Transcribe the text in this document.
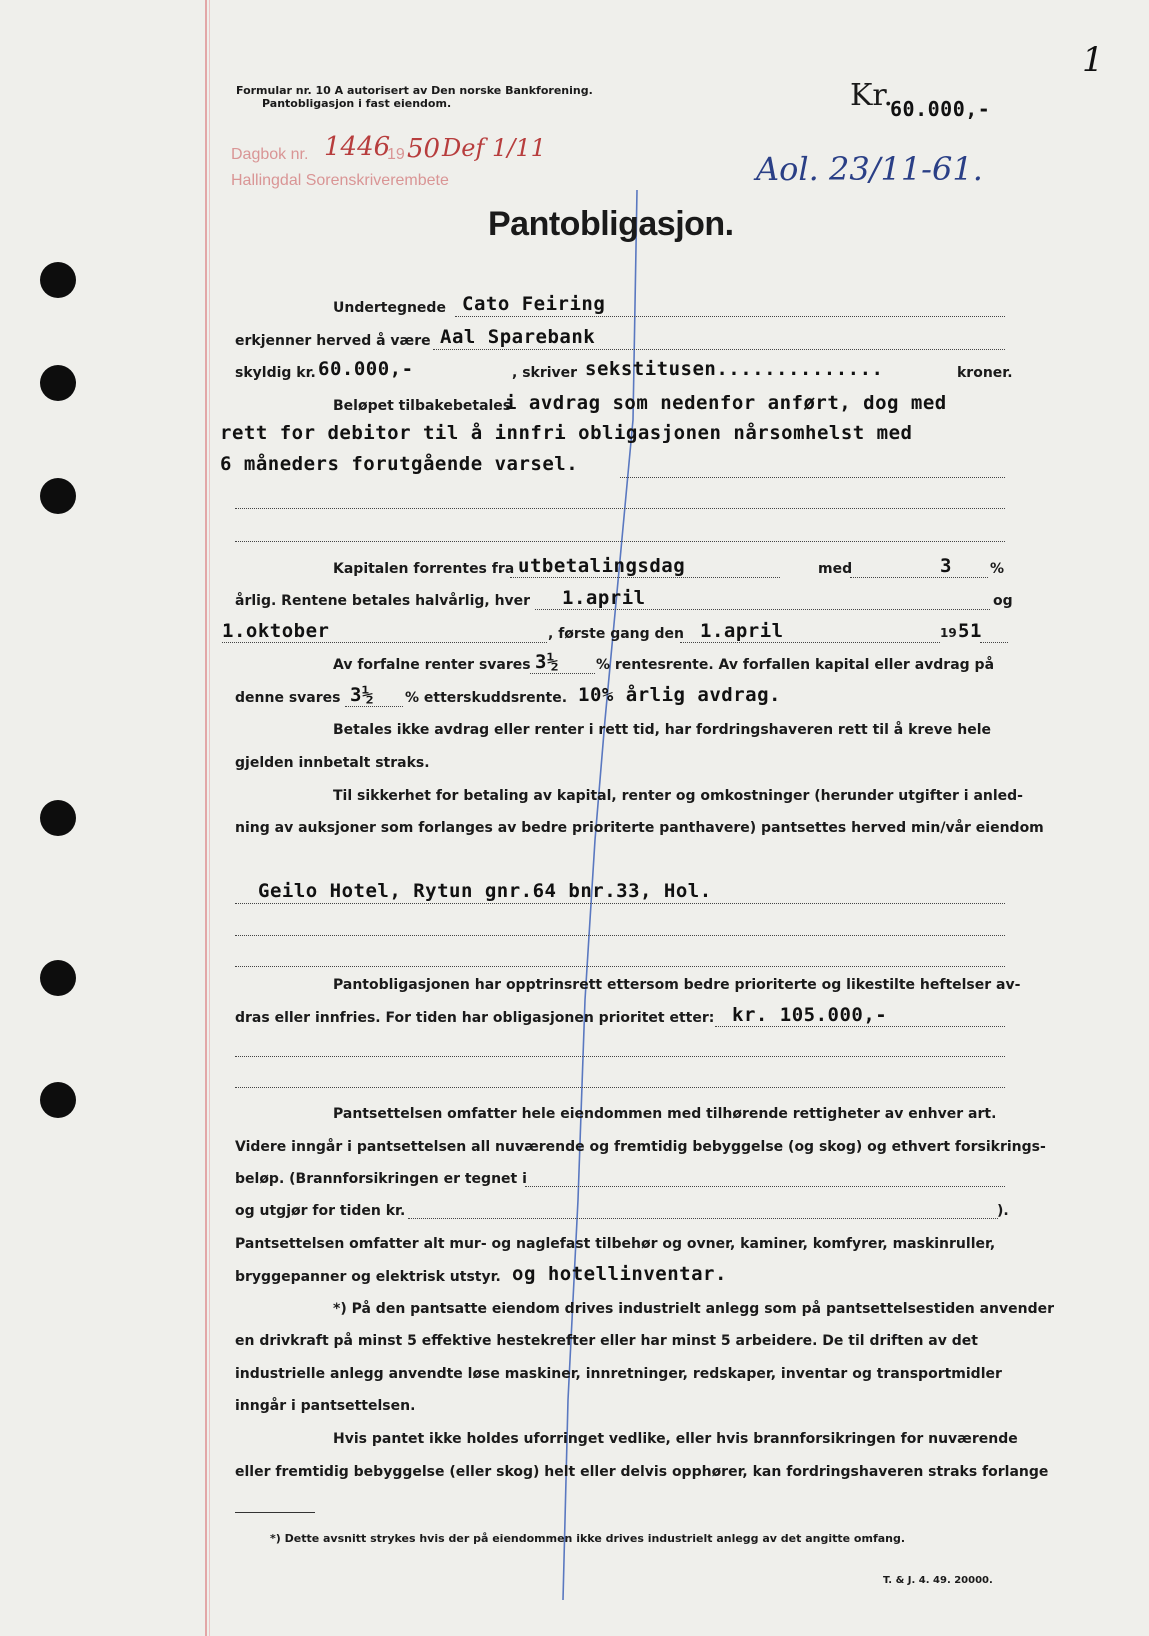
Formular nr. 10 A autorisert av Den norske Bankforening.
Pantobligasjon i fast eiendom.	Kr.
60.000,-
1
Dagbok nr. 1446
19 50 Def 1/11
Hallingdal Sorenskriverembete	Aol. 23/11-61.
Pantobligasjon.
Undertegnede Cato Feiring
erkjenner herved å være Aal Sparebank
skyldig kr. 60.000,-	, skriver sekstitusen..............	kroner.
Beløpet tilbakebetales
i avdrag som nedenfor anført, dog med
rett for debitor til å innfri obligasjonen nårsomhelst med
6 måneders forutgående varsel.
Kapitalen forrentes fra utbetalingsdag	med	3	%
årlig. Rentene betales halvårlig, hver 1.april	og
1.oktober	, første gang den 1.april	19 51
Av forfalne renter svares 3½	% rentesrente. Av forfallen kapital eller avdrag på
denne svares 3½ % etterskuddsrente. 10% årlig avdrag.
Betales ikke avdrag eller renter i rett tid, har fordringshaveren rett til å kreve hele
gjelden innbetalt straks.
Til sikkerhet for betaling av kapital, renter og omkostninger (herunder utgifter i anled-
ning av auksjoner som forlanges av bedre prioriterte panthavere) pantsettes herved min/vår eiendom
Geilo Hotel, Rytun gnr.64 bnr.33, Hol.
Pantobligasjonen har opptrinsrett ettersom bedre prioriterte og likestilte heftelser av-
dras eller innfries. For tiden har obligasjonen prioritet etter: kr. 105.000,-
Pantsettelsen omfatter hele eiendommen med tilhørende rettigheter av enhver art.
Videre inngår i pantsettelsen all nuværende og fremtidig bebyggelse (og skog) og ethvert forsikrings-
beløp. (Brannforsikringen er tegnet i
og utgjør for tiden kr.	).
Pantsettelsen omfatter alt mur- og naglefast tilbehør og ovner, kaminer, komfyrer, maskinruller,
bryggepanner og elektrisk utstyr. og hotellinventar.
*) På den pantsatte eiendom drives industrielt anlegg som på pantsettelsestiden anvender
en drivkraft på minst 5 effektive hestekrefter eller har minst 5 arbeidere. De til driften av det
industrielle anlegg anvendte løse maskiner, innretninger, redskaper, inventar og transportmidler
inngår i pantsettelsen.
Hvis pantet ikke holdes uforringet vedlike, eller hvis brannforsikringen for nuværende
eller fremtidig bebyggelse (eller skog) helt eller delvis opphører, kan fordringshaveren straks forlange
*) Dette avsnitt strykes hvis der på eiendommen ikke drives industrielt anlegg av det angitte omfang.
T. & J. 4. 49. 20000.
